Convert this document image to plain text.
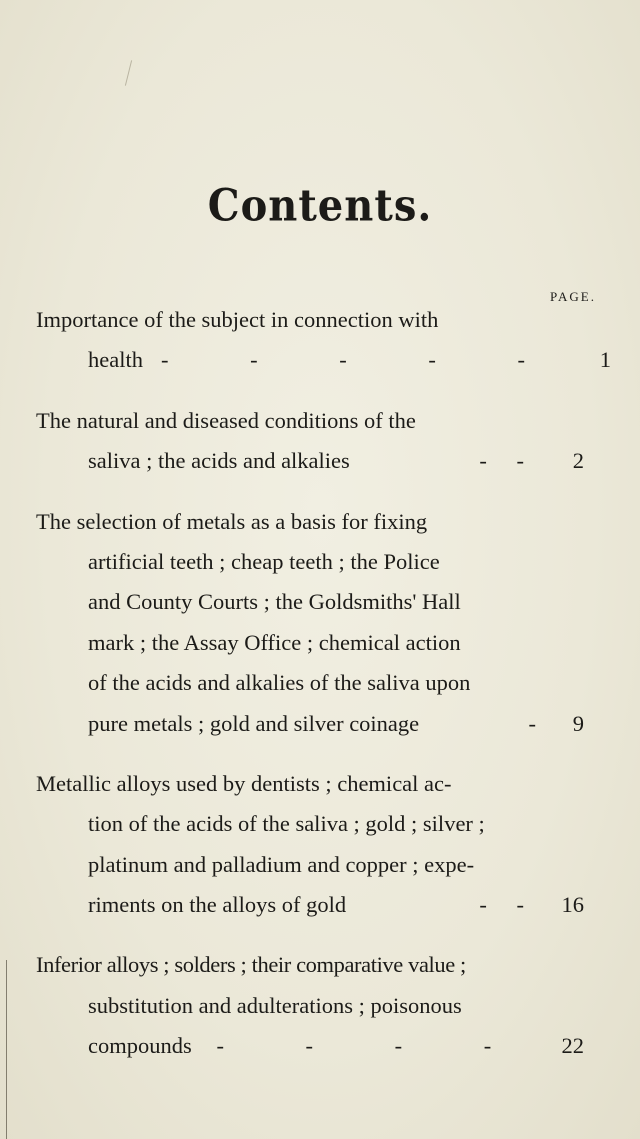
Contents.
PAGE.
Importance of the subject in connection with
health - - - - -	1
The natural and diseased conditions of the
saliva ; the acids and alkalies	- -	2
The selection of metals as a basis for fixing
artificial teeth ; cheap teeth ; the Police
and County Courts ; the Goldsmiths' Hall
mark ; the Assay Office ; chemical action
of the acids and alkalies of the saliva upon
pure metals ; gold and silver coinage	-	9
Metallic alloys used by dentists ; chemical ac-
tion of the acids of the saliva ; gold ; silver ;
platinum and palladium and copper ; expe-
riments on the alloys of gold	- -	16
Inferior alloys ; solders ; their comparative value ;
substitution and adulterations ; poisonous
compounds - - - -	22
